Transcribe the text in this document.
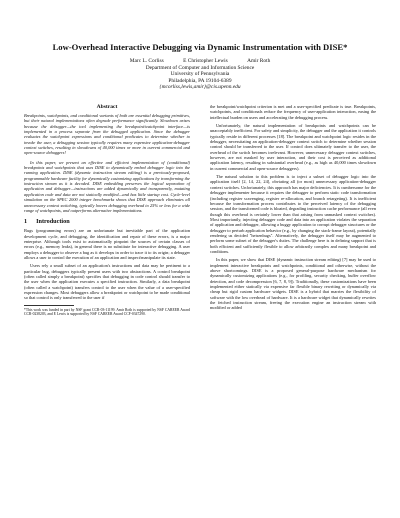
Low-Overhead Interactive Debugging via Dynamic Instrumentation with DISE*
Marc L. Corliss	E Christopher Lewis	Amir Roth
Department of Computer and Information Science
University of Pennsylvania
Philadelphia, PA 19104-6389
{mcorliss,lewis,amir}@cis.upenn.edu
Abstract

Breakpoints, watchpoints, and conditional variants of both are essential debugging primitives, but their natural implementations often degrade performance significantly. Slowdown arises because the debugger—the tool implementing the breakpoint/watchpoint interface—is implemented in a process separate from the debugged application. Since the debugger evaluates the watchpoint expressions and conditional predicates to determine whether to invoke the user, a debugging session typically requires many expensive application-debugger context switches, resulting in slowdowns of 40,000 times or more in current commercial and open-source debuggers!

In this paper, we present an effective and efficient implementation of (conditional) breakpoints and watchpoints that uses DISE to dynamically embed debugger logic into the running application. DISE (dynamic instruction stream editing) is a previously-proposed, programmable hardware facility for dynamically customizing applications by transforming the instruction stream as it is decoded. DISE embedding preserves the logical separation of application and debugger—instructions are added dynamically and transparently, mutating application code and data are not statically modified—and has little startup cost. Cycle-level simulation on the SPEC 2000 integer benchmarks shows that DISE approach eliminates all unnecessary context switching, typically lowers debugging overhead to 25% or less for a wide range of watchpoints, and outperforms alternative implementations.

1 Introduction

Bugs (programming errors) are an unfortunate but inevitable part of the application development cycle, and debugging, the identification and repair of these errors, is a major enterprise. Although tools exist to automatically pinpoint the sources of certain classes of errors (e.g., memory leaks), in general there is no substitute for interactive debugging. A user employs a debugger to observe a bug as it develops in order to trace it to its origin; a debugger allows a user to control the execution of an application and inspect/manipulate its state.

Users rely a small subset of an application's instructions and data may be pertinent to a particular bug, debuggers typically present users with two abstractions. A control breakpoint (often called simply a breakpoint) specifies that debugging in code control should transfer to the user when the application executes a specified instruction. Similarly, a data breakpoint (often called a watchpoint) transfers control to the user when the value of a user-specified expression changes. Most debuggers allow a breakpoint or watchpoint to be made conditional so that control is only transferred to the user if

*This work was funded in part by NSF grant CCR-03-11199. Amir Roth is supported by NSF CAREER Award CCR-0238203, and E Lewis is supported by NSF CAREER Award CCF-0347290.

the breakpoint/watchpoint criterion is met and a user-specified predicate is true. Breakpoints, watchpoints, and conditionals reduce the frequency of user-application interaction, easing the intellectual burden on users and accelerating the debugging process.

Unfortunately, the natural implementation of breakpoints and watchpoints can be unacceptably inefficient. For safety and simplicity, the debugger and the application it controls typically reside in different processes [18]. The breakpoint and watchpoint logic resides in the debugger, necessitating an application-debugger context switch to determine whether session control should be transferred to the user. If control does ultimately transfer to the user, the overhead of the switch becomes irrelevant. However, unnecessary debugger context switches, however, are not masked by user interaction, and their cost is perceived as additional application latency, resulting in substantial overhead (e.g., as high as 40,000 times slowdown in current commercial and open-source debuggers).

The natural solution to this problem is to inject a subset of debugger logic into the application itself [2, 14, 22, 24], obviating all (or most) unnecessary application-debugger context switches. Unfortunately, this approach has major deficiencies. It is cumbersome for the debugger implementer because it requires the debugger to perform static code transformation (including register scavenging, register re-allocation, and branch retargeting). It is inefficient because the transformation process contributes to the perceived latency of the debugging session, and the transformed code is bloated, degrading instruction cache performance (all even though this overhead is certainly lower than that arising from unmasked context switches). Most importantly, injecting debugger code and data into an application violates the separation of application and debugger, allowing a buggy application to corrupt debugger structures or the debugger to perturb application behavior (e.g., by changing the stack-frame layout), potentially rendering us decided "heisenbugs". Alternatively, the debugger itself may be augmented to perform some subset of the debugger's duties. The challenge here is in defining support that is both efficient and sufficiently flexible to allow arbitrarily complex and many breakpoint and conditions.

In this paper, we show that DISE (dynamic instruction stream editing) [7] may be used to implement interactive breakpoints and watchpoints, conditional and otherwise, without the above shortcomings. DISE is a proposed general-purpose hardware mechanism for dynamically customizing applications (e.g., for profiling, security checking, buffer overflow detection, and code decompression [6, 7, 8, 9]). Traditionally, these customizations have been implemented either statically via expensive far flexible binary rewriting or dynamically via cheap but rigid custom hardware widgets. DISE is a hybrid that marries the flexibility of software with the low overhead of hardware. It is a hardware widget that dynamically rewrites the fetched instruction stream, freeing the execution engine an instruction stream with modified or added
